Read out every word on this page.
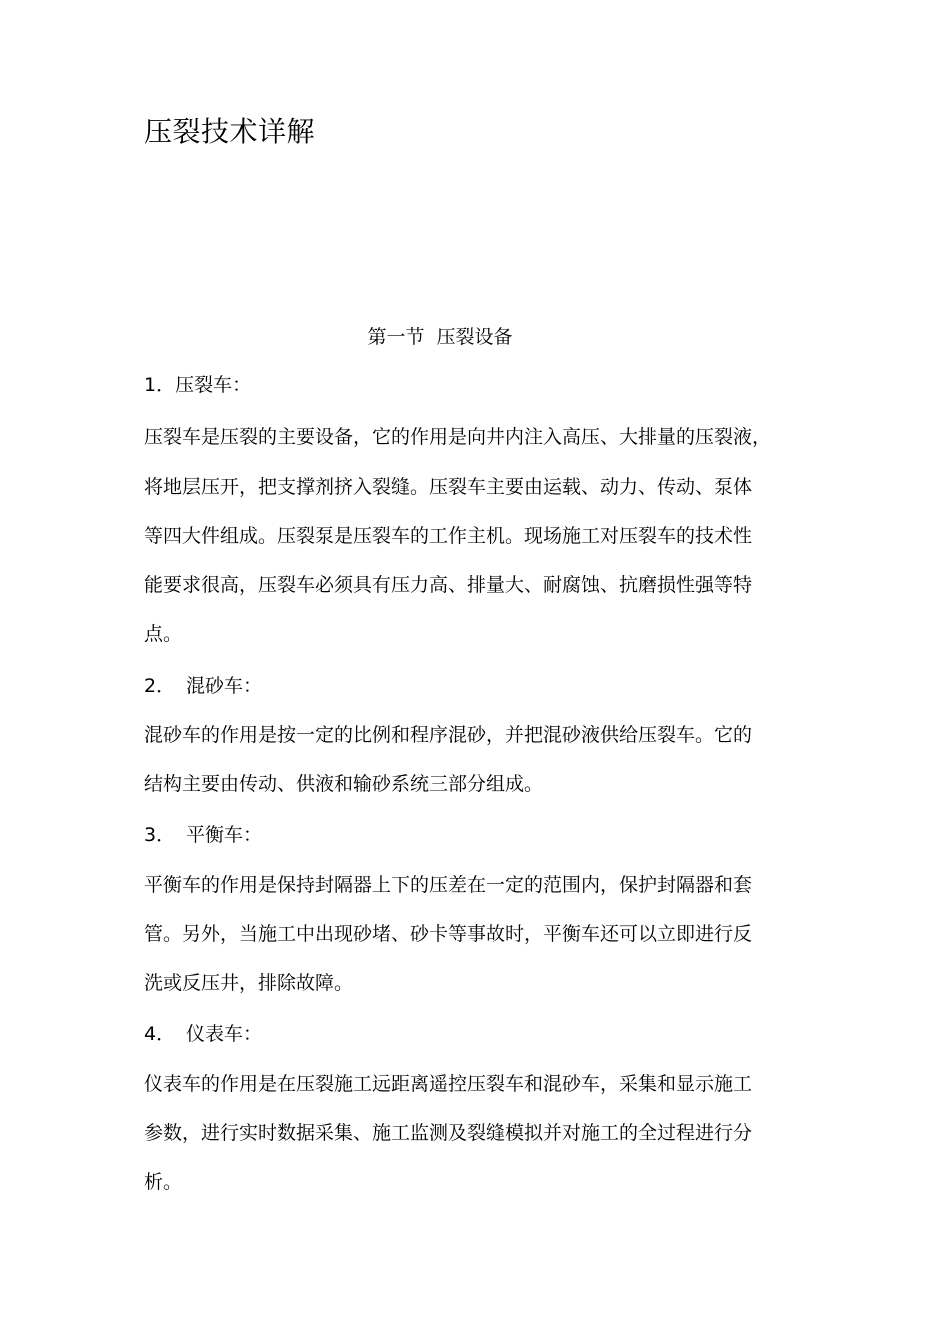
压裂技术详解
第一节  压裂设备
1．压裂车：
压裂车是压裂的主要设备，它的作用是向井内注入高压、大排量的压裂液，
将地层压开，把支撑剂挤入裂缝。压裂车主要由运载、动力、传动、泵体
等四大件组成。压裂泵是压裂车的工作主机。现场施工对压裂车的技术性
能要求很高，压裂车必须具有压力高、排量大、耐腐蚀、抗磨损性强等特
点。
2． 混砂车：
混砂车的作用是按一定的比例和程序混砂，并把混砂液供给压裂车。它的
结构主要由传动、供液和输砂系统三部分组成。
3． 平衡车：
平衡车的作用是保持封隔器上下的压差在一定的范围内，保护封隔器和套
管。另外，当施工中出现砂堵、砂卡等事故时，平衡车还可以立即进行反
洗或反压井，排除故障。
4． 仪表车：
仪表车的作用是在压裂施工远距离遥控压裂车和混砂车，采集和显示施工
参数，进行实时数据采集、施工监测及裂缝模拟并对施工的全过程进行分
析。
